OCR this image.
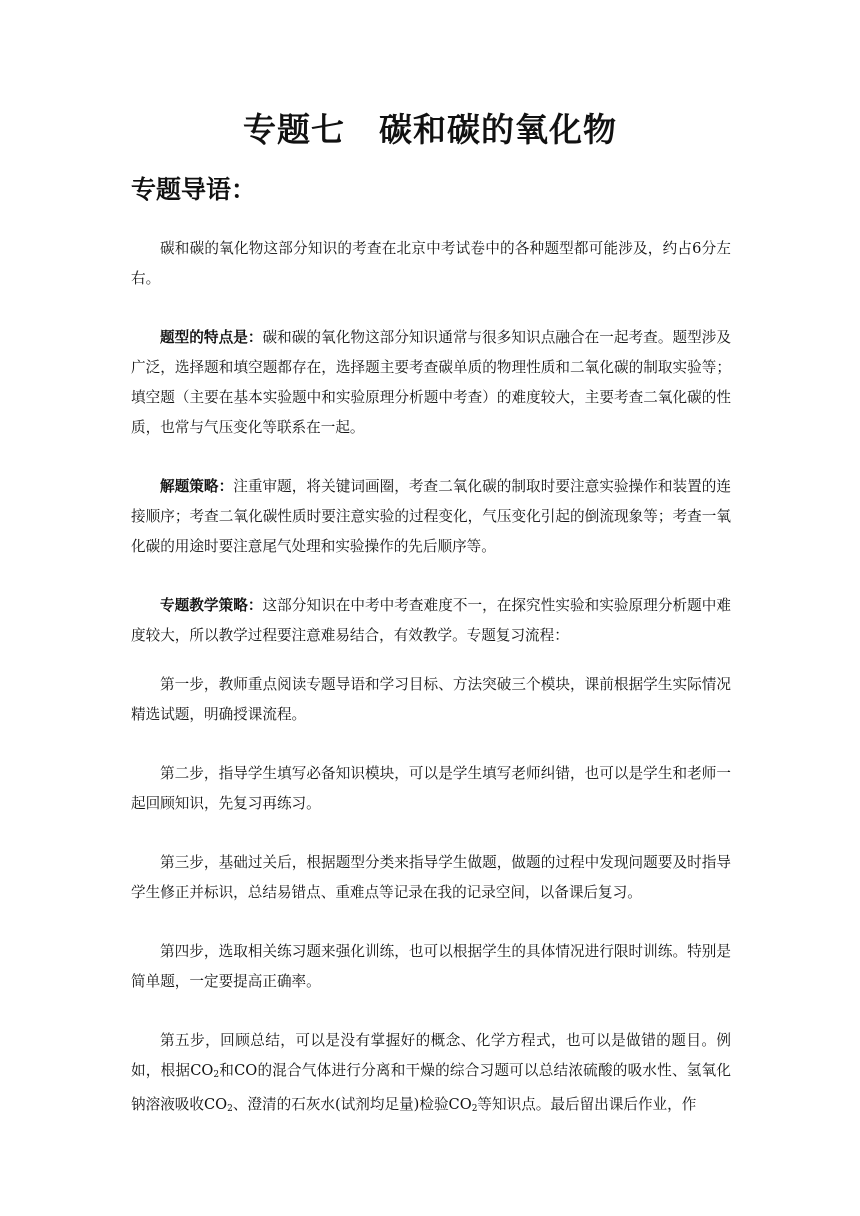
专题七　碳和碳的氧化物
专题导语：

碳和碳的氧化物这部分知识的考查在北京中考试卷中的各种题型都可能涉及，约占6分左右。

题型的特点是：碳和碳的氧化物这部分知识通常与很多知识点融合在一起考查。题型涉及广泛，选择题和填空题都存在，选择题主要考查碳单质的物理性质和二氧化碳的制取实验等；填空题（主要在基本实验题中和实验原理分析题中考查）的难度较大，主要考查二氧化碳的性质，也常与气压变化等联系在一起。

解题策略：注重审题，将关键词画圈，考查二氧化碳的制取时要注意实验操作和装置的连接顺序；考查二氧化碳性质时要注意实验的过程变化，气压变化引起的倒流现象等；考查一氧化碳的用途时要注意尾气处理和实验操作的先后顺序等。

专题教学策略：这部分知识在中考中考查难度不一，在探究性实验和实验原理分析题中难度较大，所以教学过程要注意难易结合，有效教学。专题复习流程：

第一步，教师重点阅读专题导语和学习目标、方法突破三个模块，课前根据学生实际情况精选试题，明确授课流程。

第二步，指导学生填写必备知识模块，可以是学生填写老师纠错，也可以是学生和老师一起回顾知识，先复习再练习。

第三步，基础过关后，根据题型分类来指导学生做题，做题的过程中发现问题要及时指导学生修正并标识，总结易错点、重难点等记录在我的记录空间，以备课后复习。

第四步，选取相关练习题来强化训练，也可以根据学生的具体情况进行限时训练。特别是简单题，一定要提高正确率。

第五步，回顾总结，可以是没有掌握好的概念、化学方程式，也可以是做错的题目。例如，根据$CO_2$和CO的混合气体进行分离和干燥的综合习题可以总结浓硫酸的吸水性、氢氧化钠溶液吸收$CO_2$、澄清的石灰水(试剂均足量)检验$CO_2$等知识点。最后留出课后作业，作
